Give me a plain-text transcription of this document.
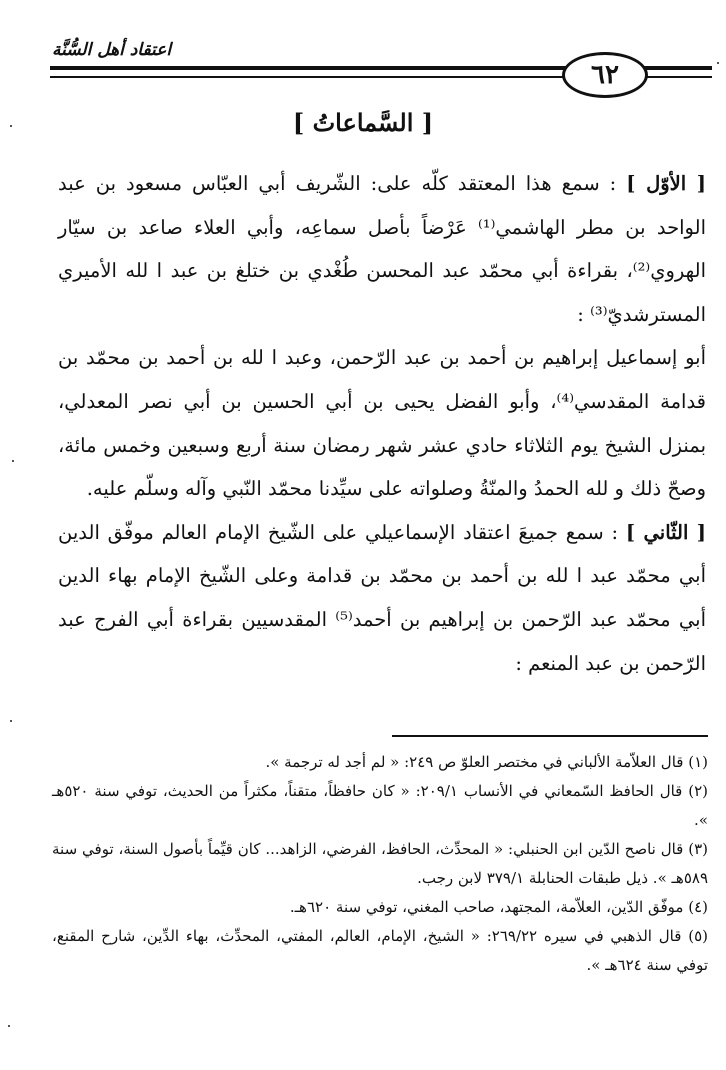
اعتقاد أهل السُّنَّة
٦٢
[ السَّماعاتُ ]

[ الأوّل ] : سمع هذا المعتقد كلّه على: الشّريف أبي العبّاس مسعود بن عبد الواحد بن مطر الهاشمي⁽¹⁾ عَرْضاً بأصل سماعِه، وأبي العلاء صاعد بن سيّار الهروي⁽²⁾، بقراءة أبي محمّد عبد المحسن طُغْدي بن ختلغ بن عبد ا لله الأميري المسترشديّ⁽³⁾ :

أبو إسماعيل إبراهيم بن أحمد بن عبد الرّحمن، وعبد ا لله بن أحمد بن محمّد بن قدامة المقدسي⁽⁴⁾، وأبو الفضل يحيى بن أبي الحسين بن أبي نصر المعدلي، بمنزل الشيخ يوم الثلاثاء حادي عشر شهر رمضان سنة أربع وسبعين وخمس مائة، وصحّ ذلك و لله الحمدُ والمنّةُ وصلواته على سيِّدنا محمّد النّبي وآله وسلّم عليه.

[ الثّاني ] : سمع جميعَ اعتقاد الإسماعيلي على الشّيخ الإمام العالم موفّق الدين أبي محمّد عبد ا لله بن أحمد بن محمّد بن قدامة وعلى الشّيخ الإمام بهاء الدين أبي محمّد عبد الرّحمن بن إبراهيم بن أحمد⁽⁵⁾ المقدسيين بقراءة أبي الفرج عبد الرّحمن بن عبد المنعم :

(١) قال العلاّمة الألباني في مختصر العلوّ ص ٢٤٩: « لم أجد له ترجمة ».

(٢) قال الحافظ السّمعاني في الأنساب ٢٠٩/١: « كان حافظاً، متقناً، مكثراً من الحديث، توفي سنة ٥٢٠هـ ».

(٣) قال ناصح الدّين ابن الحنبلي: « المحدِّث، الحافظ، الفرضي، الزاهد... كان قيِّماً بأصول السنة، توفي سنة ٥٨٩هـ ». ذيل طبقات الحنابلة ٣٧٩/١ لابن رجب.

(٤) موفّق الدّين، العلاّمة، المجتهد، صاحب المغني، توفي سنة ٦٢٠هـ.

(٥) قال الذهبي في سيره ٢٦٩/٢٢: « الشيخ، الإمام، العالم، المفتي، المحدِّث، بهاء الدِّين، شارح المقنع، توفي سنة ٦٢٤هـ ».
